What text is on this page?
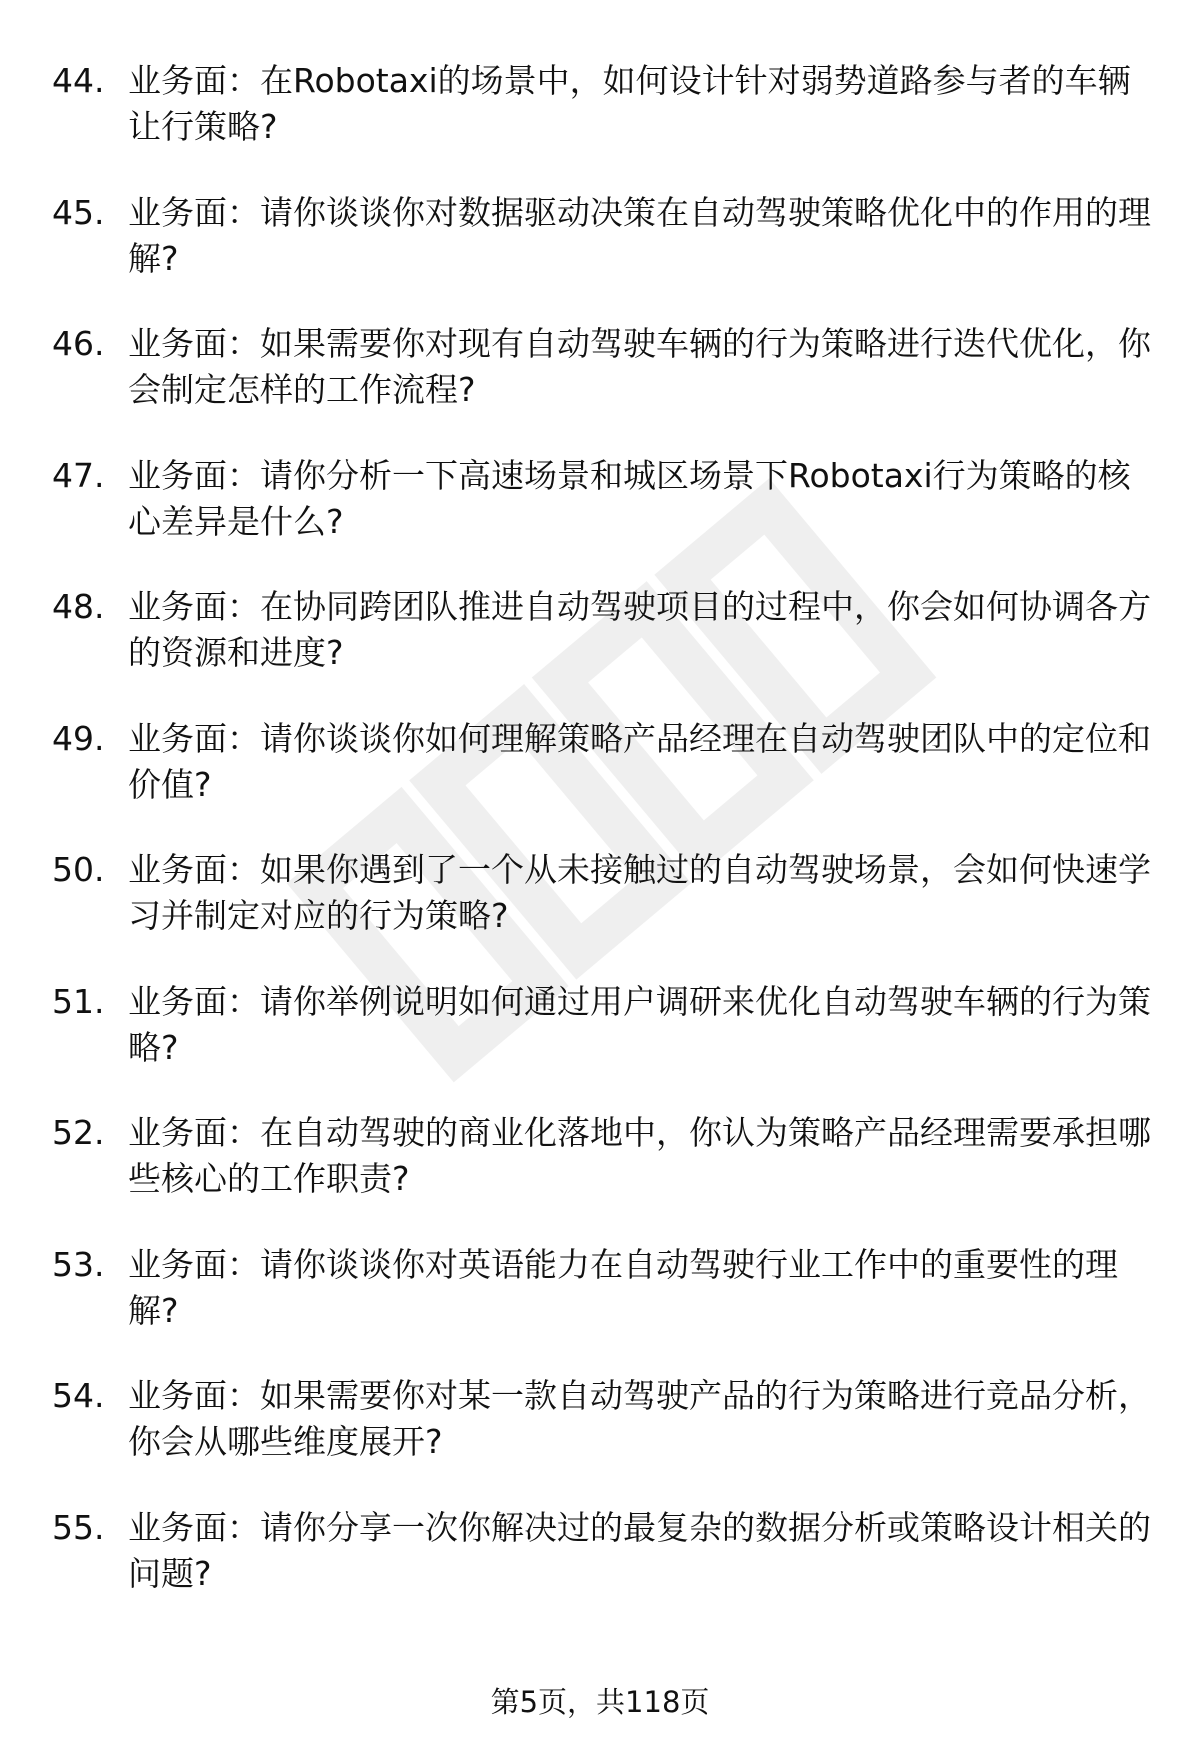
44. 业务面：在Robotaxi的场景中，如何设计针对弱势道路参与者的车辆让行策略?
45. 业务面：请你谈谈你对数据驱动决策在自动驾驶策略优化中的作用的理解?
46. 业务面：如果需要你对现有自动驾驶车辆的行为策略进行迭代优化，你会制定怎样的工作流程?
47. 业务面：请你分析一下高速场景和城区场景下Robotaxi行为策略的核心差异是什么?
48. 业务面：在协同跨团队推进自动驾驶项目的过程中，你会如何协调各方的资源和进度?
49. 业务面：请你谈谈你如何理解策略产品经理在自动驾驶团队中的定位和价值?
50. 业务面：如果你遇到了一个从未接触过的自动驾驶场景，会如何快速学习并制定对应的行为策略?
51. 业务面：请你举例说明如何通过用户调研来优化自动驾驶车辆的行为策略?
52. 业务面：在自动驾驶的商业化落地中，你认为策略产品经理需要承担哪些核心的工作职责?
53. 业务面：请你谈谈你对英语能力在自动驾驶行业工作中的重要性的理解?
54. 业务面：如果需要你对某一款自动驾驶产品的行为策略进行竞品分析，你会从哪些维度展开?
55. 业务面：请你分享一次你解决过的最复杂的数据分析或策略设计相关的问题?
第5页，共118页
